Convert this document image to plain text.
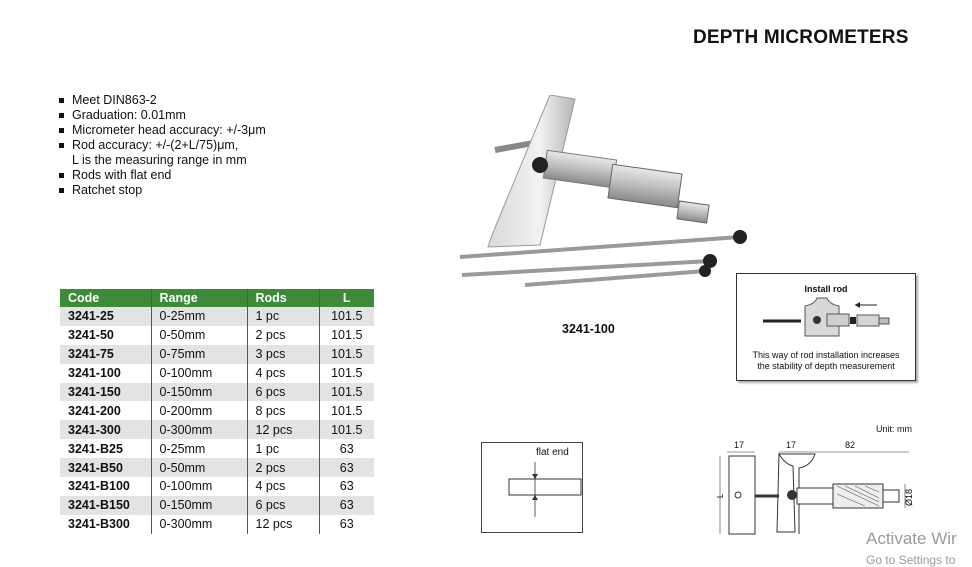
DEPTH MICROMETERS
Meet DIN863-2
Graduation: 0.01mm
Micrometer head accuracy: +/-3μm
Rod accuracy: +/-(2+L/75)μm,
L is the measuring range in mm
Rods with flat end
Ratchet stop
3241-100
Code	Range	Rods	L
3241-25	0-25mm	1 pc	101.5
3241-50	0-50mm	2 pcs	101.5
3241-75	0-75mm	3 pcs	101.5
3241-100	0-100mm	4 pcs	101.5
3241-150	0-150mm	6 pcs	101.5
3241-200	0-200mm	8 pcs	101.5
3241-300	0-300mm	12 pcs	101.5
3241-B25	0-25mm	1 pc	63
3241-B50	0-50mm	2 pcs	63
3241-B100	0-100mm	4 pcs	63
3241-B150	0-150mm	6 pcs	63
3241-B300	0-300mm	12 pcs	63
Install rod
This way of rod installation increases
the stability of depth measurement
flat end
Unit: mm
17	17	82
Ø18
L
Activate Wir
Go to Settings to
